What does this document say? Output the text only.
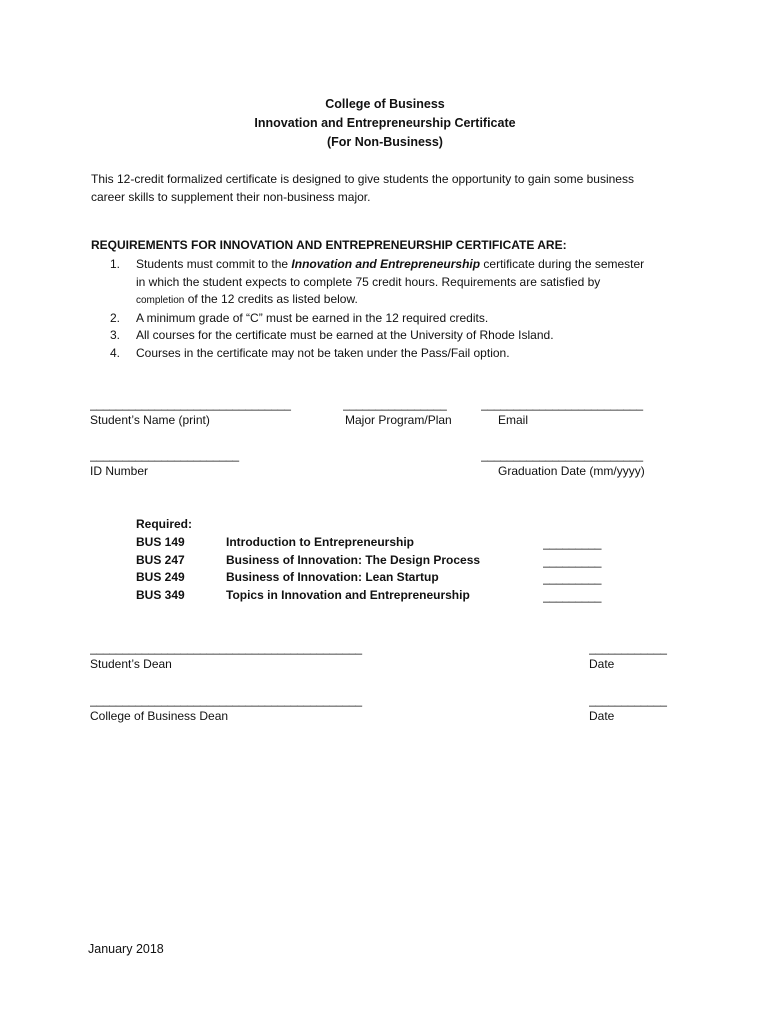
College of Business
Innovation and Entrepreneurship Certificate
(For Non-Business)
This 12-credit formalized certificate is designed to give students the opportunity to gain some business
career skills to supplement their non-business major.
REQUIREMENTS FOR INNOVATION AND ENTREPRENEURSHIP CERTIFICATE ARE:
1. Students must commit to the Innovation and Entrepreneurship certificate during the semester
in which the student expects to complete 75 credit hours. Requirements are satisfied by
completion of the 12 credits as listed below.
2. A minimum grade of “C” must be earned in the 12 required credits.
3. All courses for the certificate must be earned at the University of Rhode Island.
4. Courses in the certificate may not be taken under the Pass/Fail option.
_______________________________	________________	_________________________
Student’s Name (print)	Major Program/Plan	Email
_______________________	_________________________
ID Number	Graduation Date (mm/yyyy)
Required:
BUS 149	Introduction to Entrepreneurship	_________
BUS 247	Business of Innovation: The Design Process	_________
BUS 249	Business of Innovation: Lean Startup	_________
BUS 349	Topics in Innovation and Entrepreneurship	_________
__________________________________________	____________
Student’s Dean	Date
__________________________________________	____________
College of Business Dean	Date
January 2018
